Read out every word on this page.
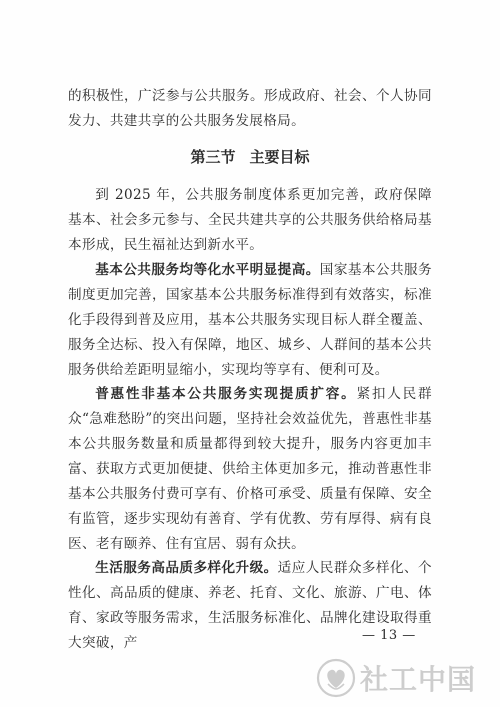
的积极性，广泛参与公共服务。形成政府、社会、个人协同发力、共建共享的公共服务发展格局。

第三节 主要目标

到 2025 年，公共服务制度体系更加完善，政府保障基本、社会多元参与、全民共建共享的公共服务供给格局基本形成，民生福祉达到新水平。

基本公共服务均等化水平明显提高。国家基本公共服务制度更加完善，国家基本公共服务标准得到有效落实，标准化手段得到普及应用，基本公共服务实现目标人群全覆盖、服务全达标、投入有保障，地区、城乡、人群间的基本公共服务供给差距明显缩小，实现均等享有、便利可及。

普惠性非基本公共服务实现提质扩容。紧扣人民群众“急难愁盼”的突出问题，坚持社会效益优先，普惠性非基本公共服务数量和质量都得到较大提升，服务内容更加丰富、获取方式更加便捷、供给主体更加多元，推动普惠性非基本公共服务付费可享有、价格可承受、质量有保障、安全有监管，逐步实现幼有善育、学有优教、劳有厚得、病有良医、老有颐养、住有宜居、弱有众扶。

生活服务高品质多样化升级。适应人民群众多样化、个性化、高品质的健康、养老、托育、文化、旅游、广电、体育、家政等服务需求，生活服务标准化、品牌化建设取得重大突破，产	— 13 —
社工中国
